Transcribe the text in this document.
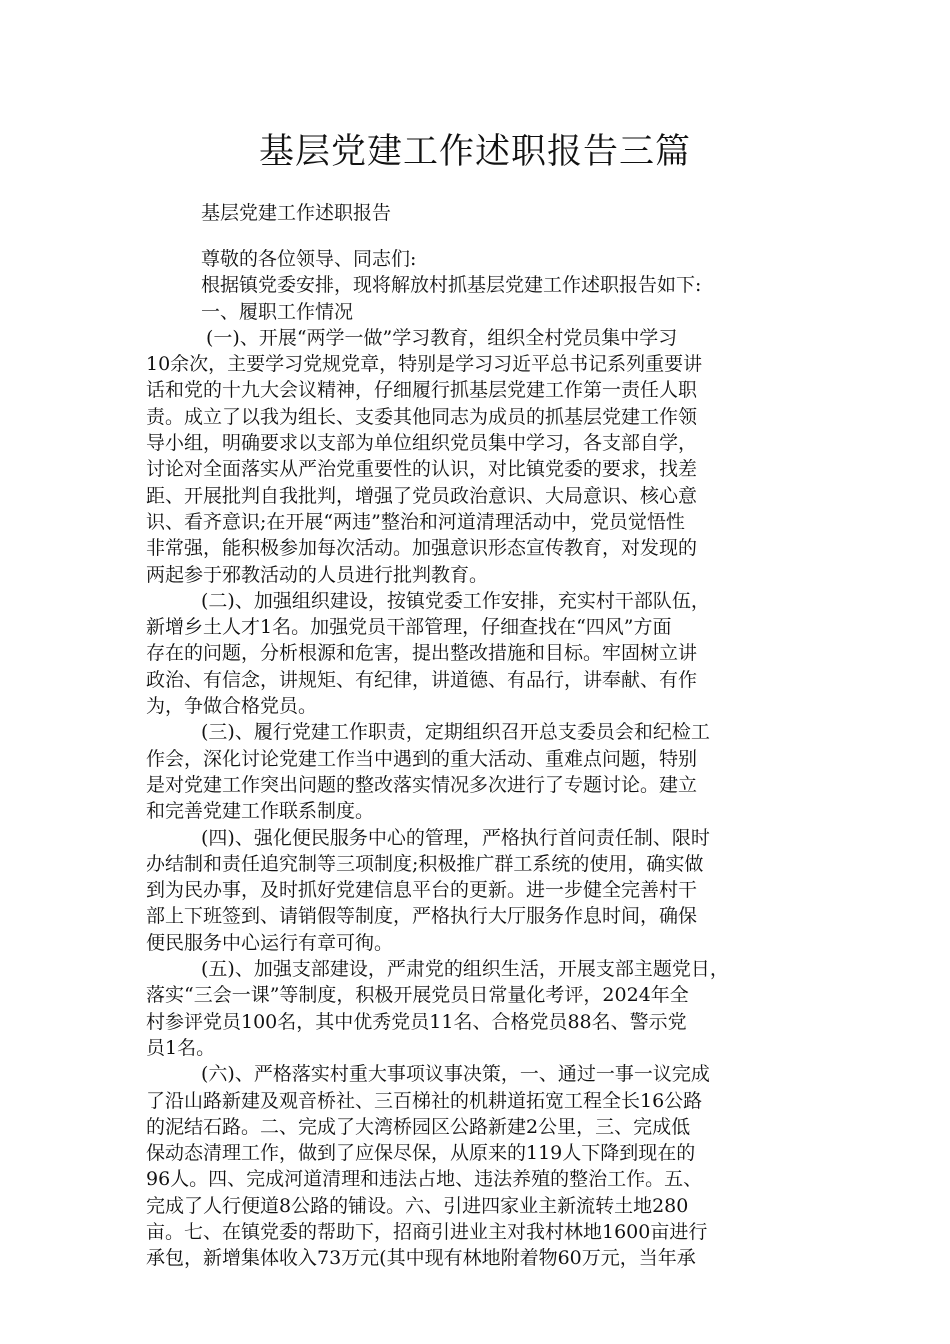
基层党建工作述职报告三篇

基层党建工作述职报告

尊敬的各位领导、同志们:
根据镇党委安排，现将解放村抓基层党建工作述职报告如下:
一、履职工作情况
(一)、开展“两学一做”学习教育，组织全村党员集中学习
10余次，主要学习党规党章，特别是学习习近平总书记系列重要讲
话和党的十九大会议精神，仔细履行抓基层党建工作第一责任人职
责。成立了以我为组长、支委其他同志为成员的抓基层党建工作领
导小组，明确要求以支部为单位组织党员集中学习，各支部自学，
讨论对全面落实从严治党重要性的认识，对比镇党委的要求，找差
距、开展批判自我批判，增强了党员政治意识、大局意识、核心意
识、看齐意识;在开展“两违”整治和河道清理活动中，党员觉悟性
非常强，能积极参加每次活动。加强意识形态宣传教育，对发现的
两起参于邪教活动的人员进行批判教育。
(二)、加强组织建设，按镇党委工作安排，充实村干部队伍，
新增乡土人才1名。加强党员干部管理，仔细查找在“四风”方面
存在的问题，分析根源和危害，提出整改措施和目标。牢固树立讲
政治、有信念，讲规矩、有纪律，讲道德、有品行，讲奉献、有作
为，争做合格党员。
(三)、履行党建工作职责，定期组织召开总支委员会和纪检工
作会，深化讨论党建工作当中遇到的重大活动、重难点问题，特别
是对党建工作突出问题的整改落实情况多次进行了专题讨论。建立
和完善党建工作联系制度。
(四)、强化便民服务中心的管理，严格执行首问责任制、限时
办结制和责任追究制等三项制度;积极推广群工系统的使用，确实做
到为民办事，及时抓好党建信息平台的更新。进一步健全完善村干
部上下班签到、请销假等制度，严格执行大厅服务作息时间，确保
便民服务中心运行有章可徇。
(五)、加强支部建设，严肃党的组织生活，开展支部主题党日，
落实“三会一课”等制度，积极开展党员日常量化考评，2024年全
村参评党员100名，其中优秀党员11名、合格党员88名、警示党
员1名。
(六)、严格落实村重大事项议事决策，一、通过一事一议完成
了沿山路新建及观音桥社、三百梯社的机耕道拓宽工程全长16公路
的泥结石路。二、完成了大湾桥园区公路新建2公里，三、完成低
保动态清理工作，做到了应保尽保，从原来的119人下降到现在的
96人。四、完成河道清理和违法占地、违法养殖的整治工作。五、
完成了人行便道8公路的铺设。六、引进四家业主新流转土地280
亩。七、在镇党委的帮助下，招商引进业主对我村林地1600亩进行
承包，新增集体收入73万元(其中现有林地附着物60万元，当年承
